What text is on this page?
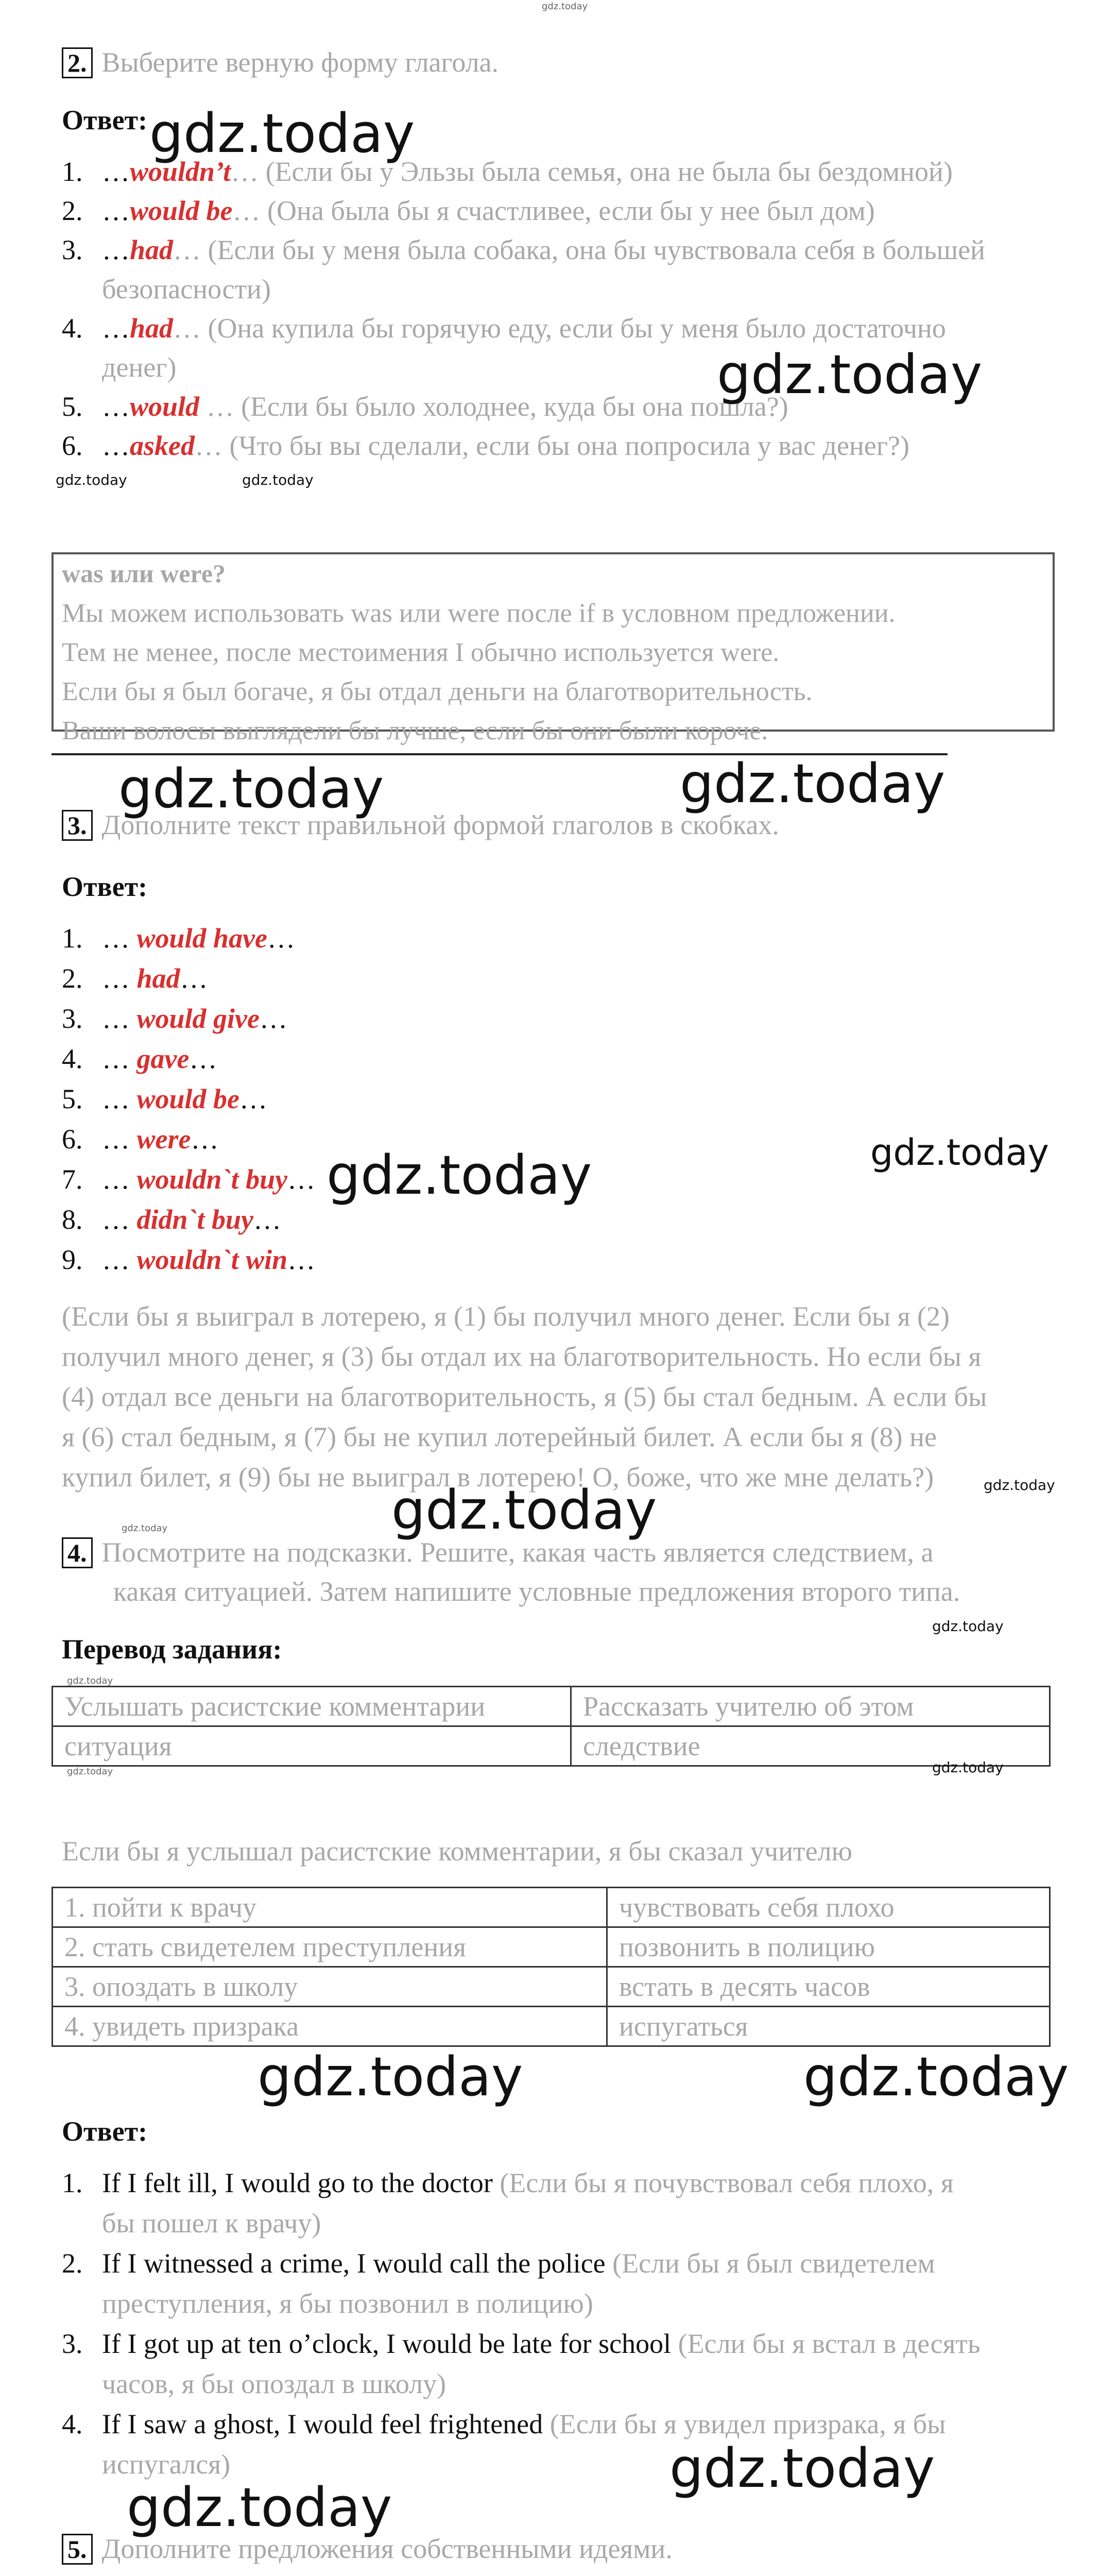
gdz.today
2. Выберите верную форму глагола.
Ответ: gdz.today
1. …wouldn’t… (Если бы у Эльзы была семья, она не была бы бездомной)
2. …would be… (Она была бы я счастливее, если бы у нее был дом)
3. …had… (Если бы у меня была собака, она бы чувствовала себя в большей
безопасности)
4. …had… (Она купила бы горячую еду, если бы у меня было достаточно
денег)
5. …would … (Если бы было холоднее, куда бы она пошла?)
6. …asked… (Что бы вы сделали, если бы она попросила у вас денег?)
gdz.today
gdz.today	gdz.today
was или were?
Мы можем использовать was или were после if в условном предложении.
Тем не менее, после местоимения I обычно используется were.
Если бы я был богаче, я бы отдал деньги на благотворительность.
Ваши волосы выглядели бы лучше, если бы они были короче.
gdz.today	gdz.today
3. Дополните текст правильной формой глаголов в скобках.
Ответ:
1. … would have…
2. … had…
3. … would give…
4. … gave…
5. … would be…
6. … were…
7. … wouldn`t buy…
8. … didn`t buy…
9. … wouldn`t win…
gdz.today
gdz.today
(Если бы я выиграл в лотерею, я (1) бы получил много денег. Если бы я (2)
получил много денег, я (3) бы отдал их на благотворительность. Но если бы я
(4) отдал все деньги на благотворительность, я (5) бы стал бедным. А если бы
я (6) стал бедным, я (7) бы не купил лотерейный билет. А если бы я (8) не
купил билет, я (9) бы не выиграл в лотерею! О, боже, что же мне делать?)
gdz.today	gdz.today
gdz.today
4. Посмотрите на подсказки. Решите, какая часть является следствием, а
какая ситуацией. Затем напишите условные предложения второго типа.
gdz.today
Перевод задания:
gdz.today
Услышать расистские комментарии	Рассказать учителю об этом
ситуация	следствие
gdz.today	gdz.today
Если бы я услышал расистские комментарии, я бы сказал учителю
1. пойти к врачу	чувствовать себя плохо
2. стать свидетелем преступления	позвонить в полицию
3. опоздать в школу	встать в десять часов
4. увидеть призрака	испугаться
gdz.today	gdz.today
Ответ:
1. If I felt ill, I would go to the doctor (Если бы я почувствовал себя плохо, я
бы пошел к врачу)
2. If I witnessed a crime, I would call the police (Если бы я был свидетелем
преступления, я бы позвонил в полицию)
3. If I got up at ten o’clock, I would be late for school (Если бы я встал в десять
часов, я бы опоздал в школу)
4. If I saw a ghost, I would feel frightened (Если бы я увидел призрака, я бы
испугался)	gdz.today
gdz.today
5. Дополните предложения собственными идеями.
